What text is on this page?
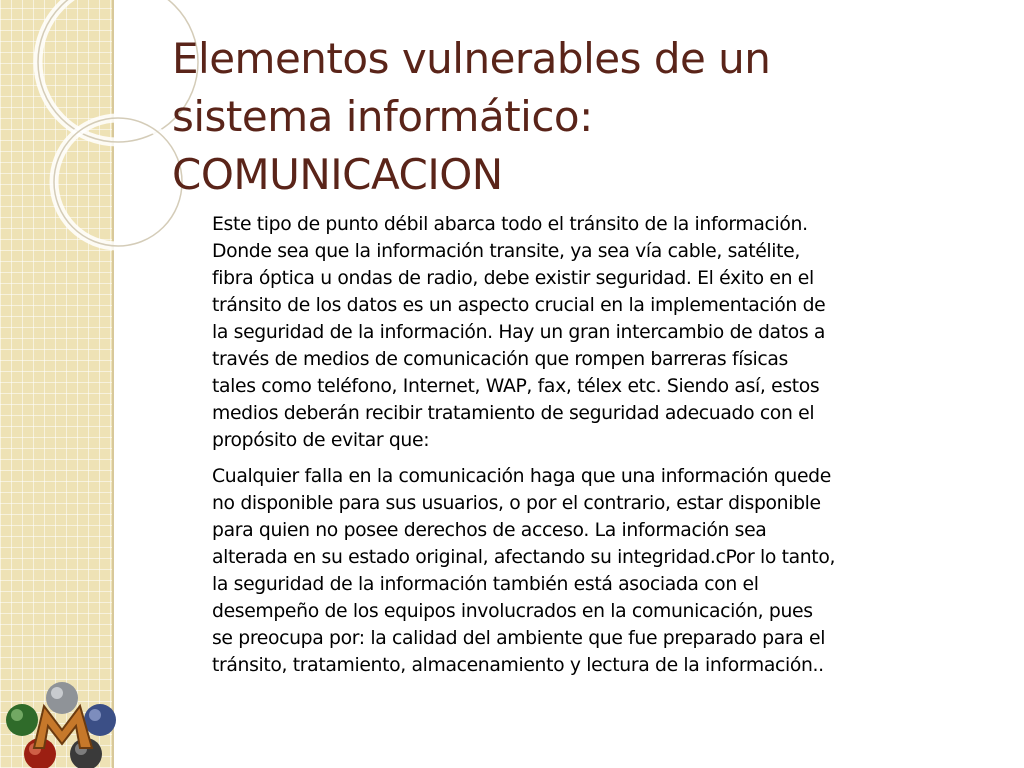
Elementos vulnerables de un
sistema informático:
COMUNICACION

Este tipo de punto débil abarca todo el tránsito de la información.
Donde sea que la información transite, ya sea vía cable, satélite,
fibra óptica u ondas de radio, debe existir seguridad. El éxito en el
tránsito de los datos es un aspecto crucial en la implementación de
la seguridad de la información. Hay un gran intercambio de datos a
través de medios de comunicación que rompen barreras físicas
tales como teléfono, Internet, WAP, fax, télex etc. Siendo así, estos
medios deberán recibir tratamiento de seguridad adecuado con el
propósito de evitar que:

Cualquier falla en la comunicación haga que una información quede
no disponible para sus usuarios, o por el contrario, estar disponible
para quien no posee derechos de acceso. La información sea
alterada en su estado original, afectando su integridad.cPor lo tanto,
la seguridad de la información también está asociada con el
desempeño de los equipos involucrados en la comunicación, pues
se preocupa por: la calidad del ambiente que fue preparado para el
tránsito, tratamiento, almacenamiento y lectura de la información..
